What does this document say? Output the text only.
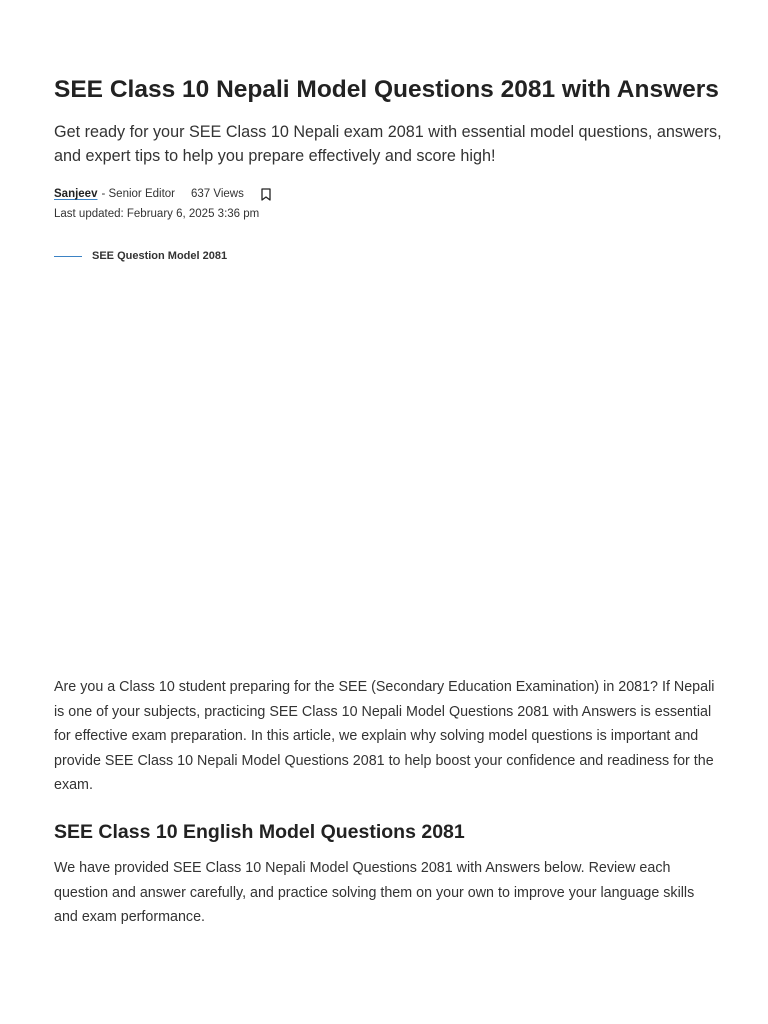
SEE Class 10 Nepali Model Questions 2081 with Answers

Get ready for your SEE Class 10 Nepali exam 2081 with essential model questions, answers, and expert tips to help you prepare effectively and score high!

Sanjeev - Senior Editor 637 Views
Last updated: February 6, 2025 3:36 pm
SEE Question Model 2081

Are you a Class 10 student preparing for the SEE (Secondary Education Examination) in 2081? If Nepali is one of your subjects, practicing SEE Class 10 Nepali Model Questions 2081 with Answers is essential for effective exam preparation. In this article, we explain why solving model questions is important and provide SEE Class 10 Nepali Model Questions 2081 to help boost your confidence and readiness for the exam.

SEE Class 10 English Model Questions 2081

We have provided SEE Class 10 Nepali Model Questions 2081 with Answers below. Review each question and answer carefully, and practice solving them on your own to improve your language skills and exam performance.
